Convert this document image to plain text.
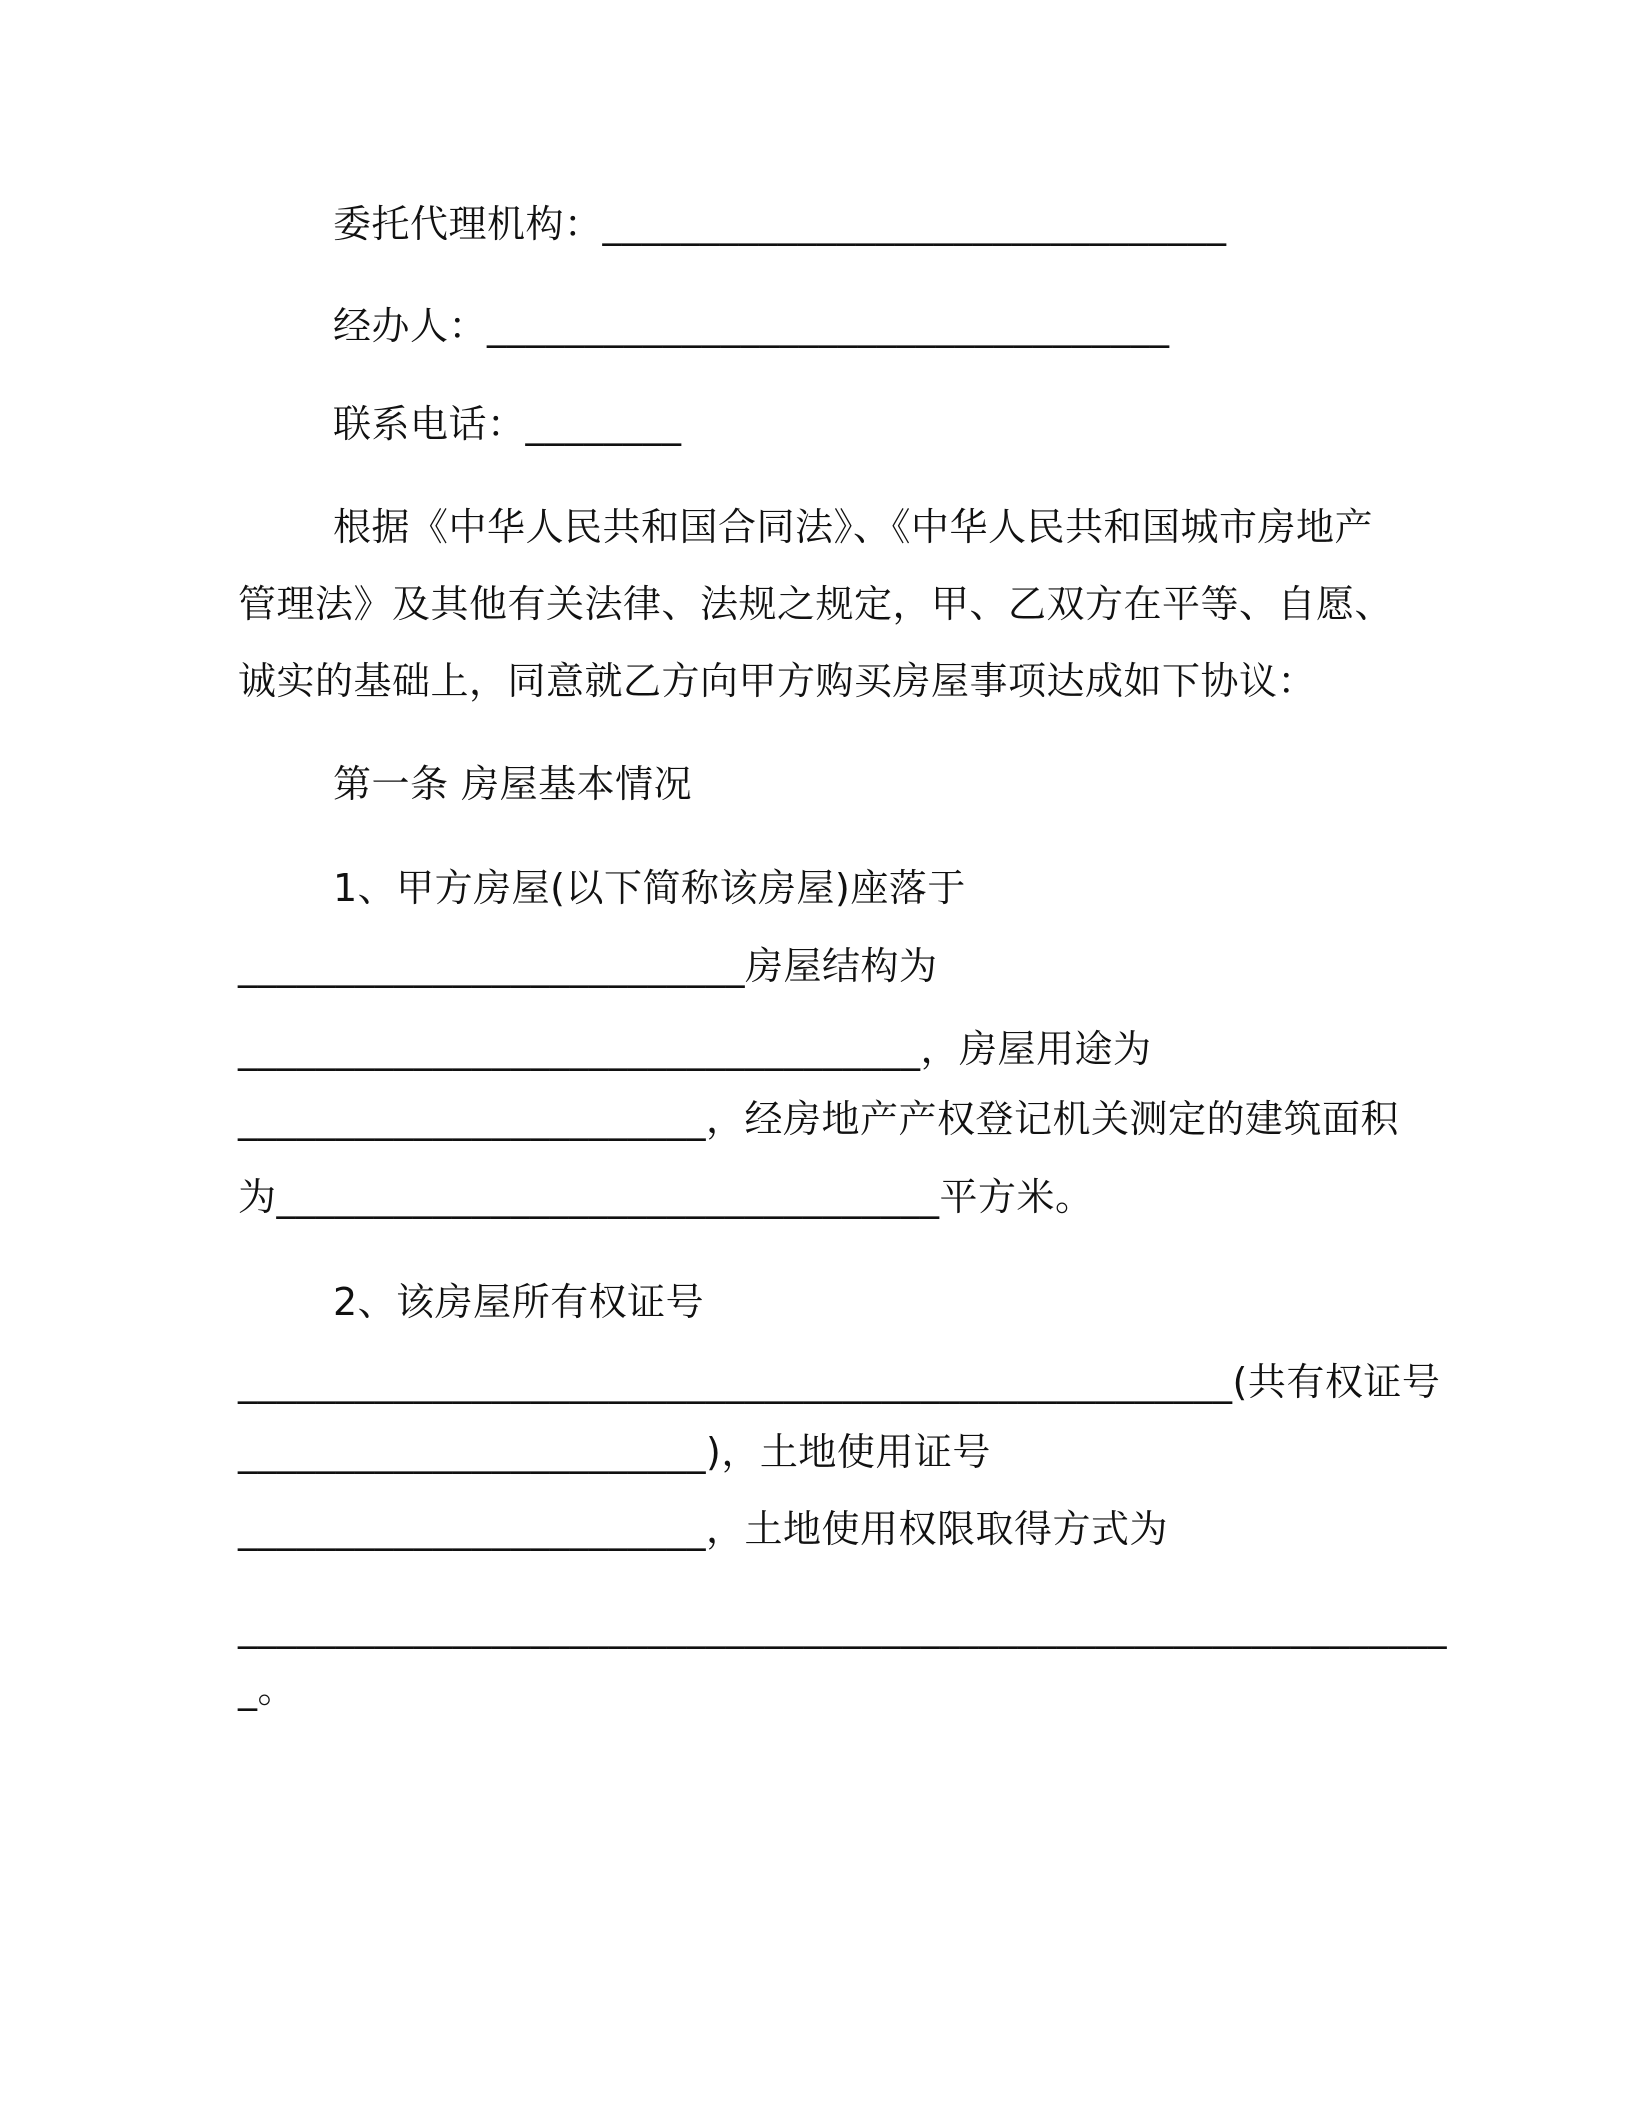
委托代理机构：________________________________
经办人：___________________________________
联系电话：________
根据《中华人民共和国合同法》、《中华人民共和国城市房地产
管理法》及其他有关法律、法规之规定，甲、乙双方在平等、自愿、
诚实的基础上，同意就乙方向甲方购买房屋事项达成如下协议：
第一条 房屋基本情况
1、甲方房屋(以下简称该房屋)座落于
__________________________房屋结构为
___________________________________，房屋用途为
________________________，经房地产产权登记机关测定的建筑面积
为__________________________________平方米。
2、该房屋所有权证号
___________________________________________________(共有权证号
________________________)，土地使用证号
________________________，土地使用权限取得方式为
______________________________________________________________
_。
